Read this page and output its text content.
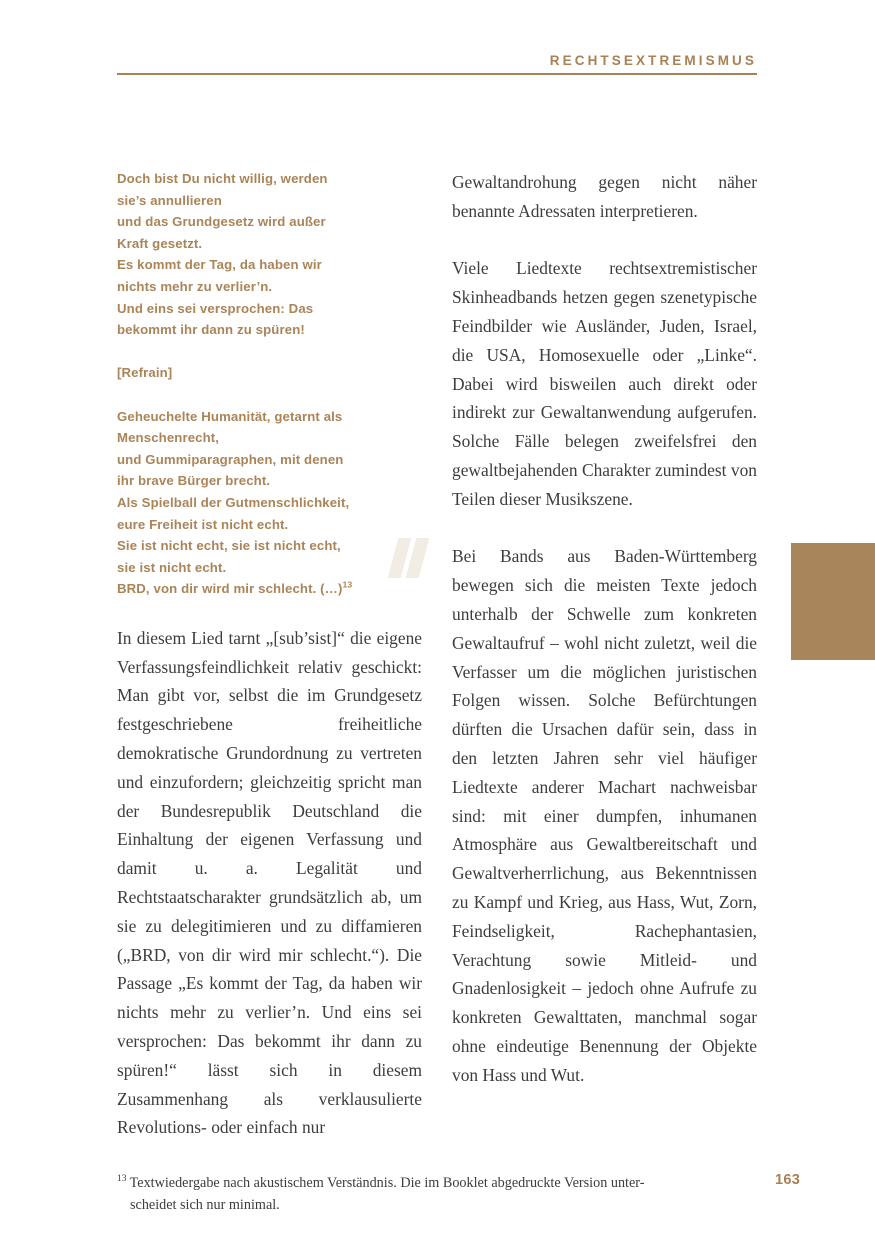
RECHTSEXTREMISMUS
Doch bist Du nicht willig, werden
sie’s annullieren
und das Grundgesetz wird außer
Kraft gesetzt.
Es kommt der Tag, da haben wir
nichts mehr zu verlier’n.
Und eins sei versprochen: Das
bekommt ihr dann zu spüren!
[Refrain]
Geheuchelte Humanität, getarnt als
Menschenrecht,
und Gummiparagraphen, mit denen
ihr brave Bürger brecht.
Als Spielball der Gutmenschlichkeit,
eure Freiheit ist nicht echt.
Sie ist nicht echt, sie ist nicht echt,
sie ist nicht echt.
BRD, von dir wird mir schlecht. (…)$^{13}$

In diesem Lied tarnt „[sub’sist]“ die eigene Verfassungsfeindlichkeit relativ geschickt: Man gibt vor, selbst die im Grundgesetz festgeschriebene freiheitliche demokratische Grundordnung zu vertreten und einzufordern; gleichzeitig spricht man der Bundesrepublik Deutschland die Einhaltung der eigenen Verfassung und damit u. a. Legalität und Rechtstaatscharakter grundsätzlich ab, um sie zu delegitimieren und zu diffamieren („BRD, von dir wird mir schlecht.“). Die Passage „Es kommt der Tag, da haben wir nichts mehr zu verlier’n. Und eins sei versprochen: Das bekommt ihr dann zu spüren!“ lässt sich in diesem Zusammenhang als verklausulierte Revolutions- oder einfach nur

Gewaltandrohung gegen nicht näher benannte Adressaten interpretieren.

Viele Liedtexte rechtsextremistischer Skinheadbands hetzen gegen szenetypische Feindbilder wie Ausländer, Juden, Israel, die USA, Homosexuelle oder „Linke“. Dabei wird bisweilen auch direkt oder indirekt zur Gewaltanwendung aufgerufen. Solche Fälle belegen zweifelsfrei den gewaltbejahenden Charakter zumindest von Teilen dieser Musikszene.

Bei Bands aus Baden-Württemberg bewegen sich die meisten Texte jedoch unterhalb der Schwelle zum konkreten Gewaltaufruf – wohl nicht zuletzt, weil die Verfasser um die möglichen juristischen Folgen wissen. Solche Befürchtungen dürften die Ursachen dafür sein, dass in den letzten Jahren sehr viel häufiger Liedtexte anderer Machart nachweisbar sind: mit einer dumpfen, inhumanen Atmosphäre aus Gewaltbereitschaft und Gewaltverherrlichung, aus Bekenntnissen zu Kampf und Krieg, aus Hass, Wut, Zorn, Feindseligkeit, Rachephantasien, Verachtung sowie Mitleid- und Gnadenlosigkeit – jedoch ohne Aufrufe zu konkreten Gewalttaten, manchmal sogar ohne eindeutige Benennung der Objekte von Hass und Wut.

$^{13}$ Textwiedergabe nach akustischem Verständnis. Die im Booklet abgedruckte Version unter-
scheidet sich nur minimal.
163
